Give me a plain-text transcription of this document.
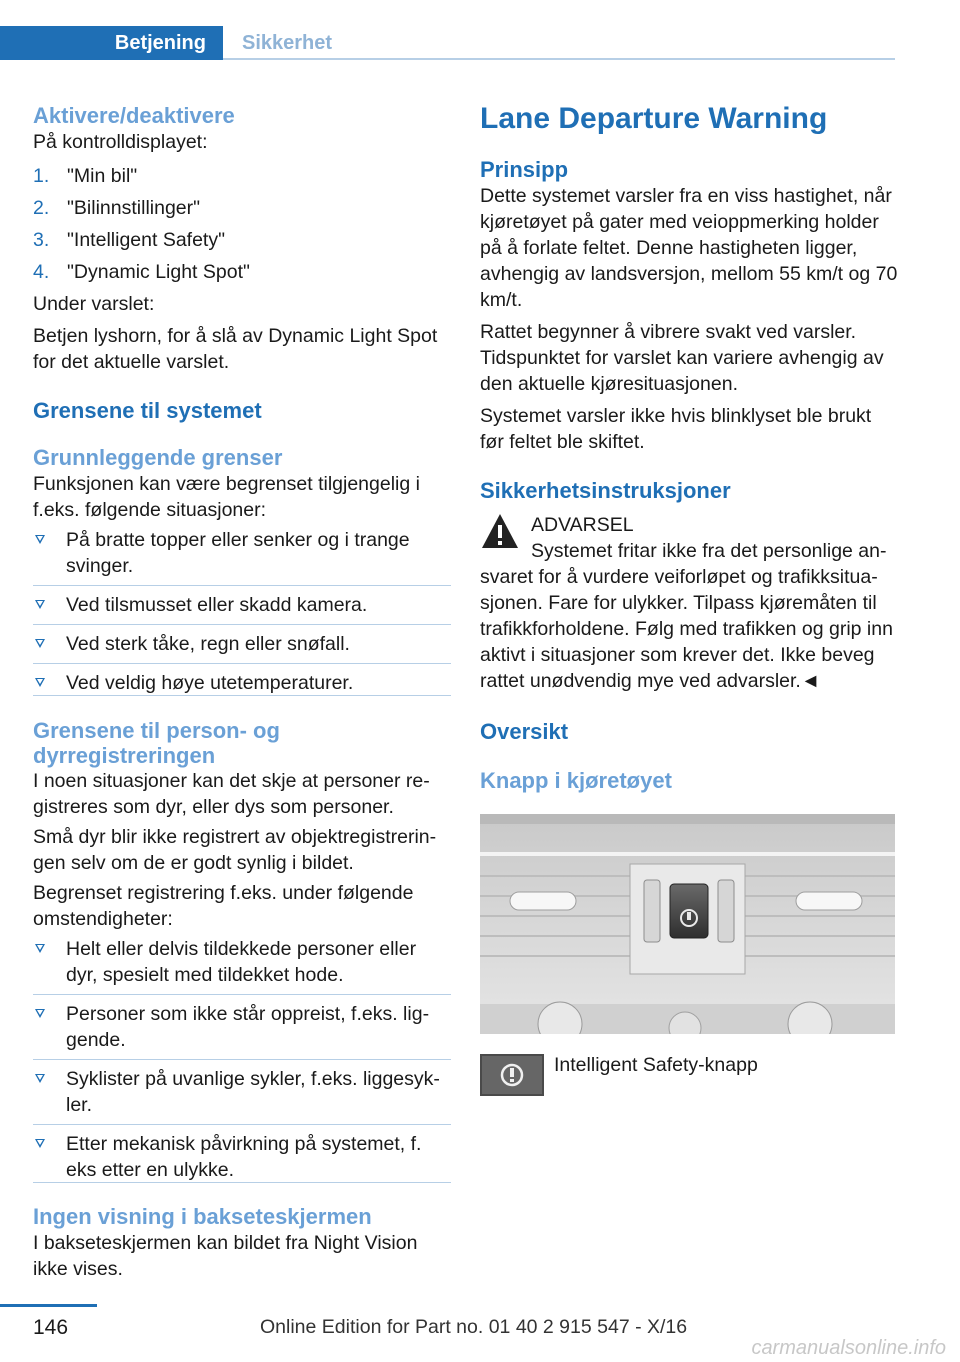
Betjening	Sikkerhet
Aktivere/deaktivere

På kontrolldisplayet:

1. "Min bil"
2. "Bilinnstillinger"
3. "Intelligent Safety"
4. "Dynamic Light Spot"

Under varslet:

Betjen lyshorn, for å slå av Dynamic Light Spot for det aktuelle varslet.

Grensene til systemet
Grunnleggende grenser

Funksjonen kan være begrenset tilgjengelig i f.eks. følgende situasjoner:

På bratte topper eller senker og i trange svinger.
Ved tilsmusset eller skadd kamera.
Ved sterk tåke, regn eller snøfall.
Ved veldig høye utetemperaturer.
Grensene til person- og dyrregistreringen

I noen situasjoner kan det skje at personer registreres som dyr, eller dys som personer.

Små dyr blir ikke registrert av objektregistreringen selv om de er godt synlig i bildet.

Begrenset registrering f.eks. under følgende omstendigheter:

Helt eller delvis tildekkede personer eller dyr, spesielt med tildekket hode.
Personer som ikke står oppreist, f.eks. liggende.
Syklister på uvanlige sykler, f.eks. liggesykler.
Etter mekanisk påvirkning på systemet, f. eks etter en ulykke.
Ingen visning i bakseteskjermen

I bakseteskjermen kan bildet fra Night Vision ikke vises.

Lane Departure Warning
Prinsipp

Dette systemet varsler fra en viss hastighet, når kjøretøyet på gater med veioppmerking holder på å forlate feltet. Denne hastigheten ligger, avhengig av landsversjon, mellom 55 km/t og 70 km/t.

Rattet begynner å vibrere svakt ved varsler. Tidspunktet for varslet kan variere avhengig av den aktuelle kjøresituasjonen.

Systemet varsler ikke hvis blinklyset ble brukt før feltet ble skiftet.

Sikkerhetsinstruksjoner

ADVARSEL

Systemet fritar ikke fra det personlige ansvaret for å vurdere veiforløpet og trafikksituasjonen. Fare for ulykker. Tilpass kjøremåten til trafikkforholdene. Følg med trafikken og grip inn aktivt i situasjoner som krever det. Ikke beveg rattet unødvendig mye ved advarsler.◄

Oversikt
Knapp i kjøretøyet

Intelligent Safety-knapp

146	Online Edition for Part no. 01 40 2 915 547 - X/16
carmanualsonline.info
